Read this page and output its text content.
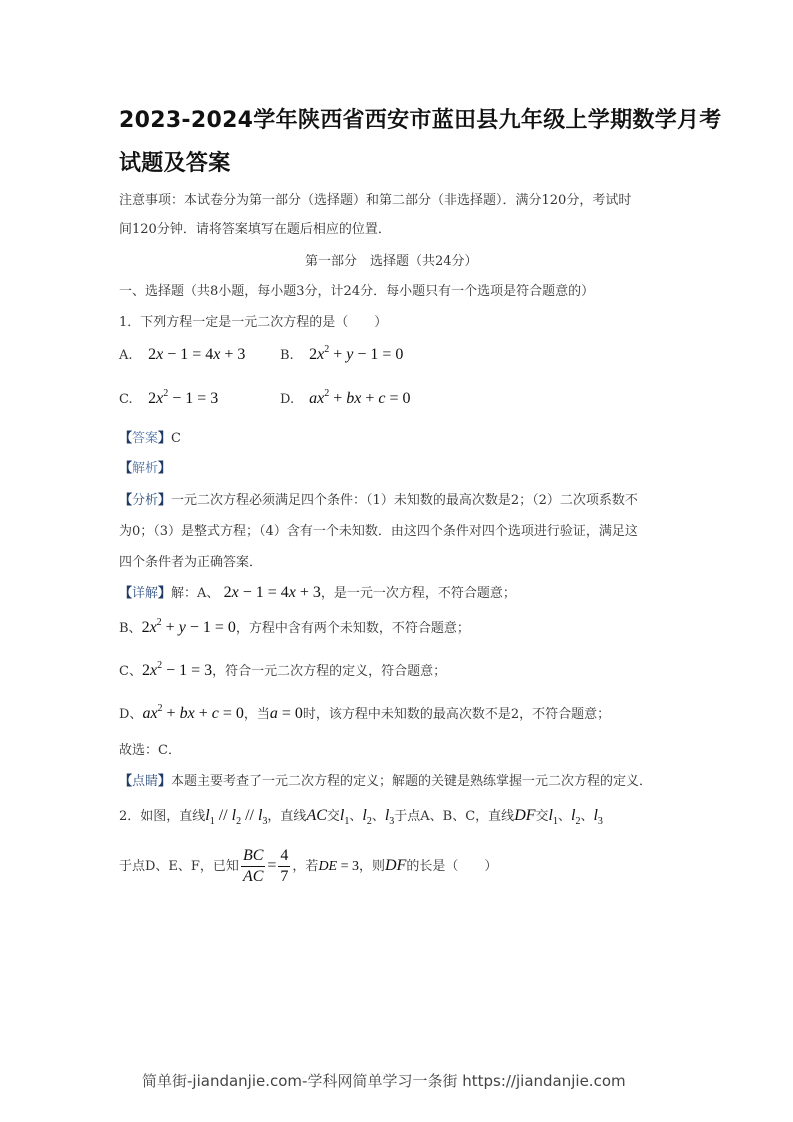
2023-2024学年陕西省西安市蓝田县九年级上学期数学月考
试题及答案
注意事项：本试卷分为第一部分（选择题）和第二部分（非选择题）．满分120分，考试时
间120分钟．请将答案填写在题后相应的位置．
第一部分　选择题（共24分）
一、选择题（共8小题，每小题3分，计24分．每小题只有一个选项是符合题意的）
1．下列方程一定是一元二次方程的是（　　）
A. 2x − 1 = 4x + 3	B. $2x^2 + y - 1 = 0$
C. $2x^2 - 1 = 3$	D. $ax^2$ + bx + c = 0
【答案】C
【解析】
【分析】一元二次方程必须满足四个条件：（1）未知数的最高次数是2；（2）二次项系数不
为0；（3）是整式方程；（4）含有一个未知数．由这四个条件对四个选项进行验证，满足这
四个条件者为正确答案．
【详解】解：A、 2x − 1 = 4x + 3，是一元一次方程，不符合题意；
B、$2x^2 + y - 1 = 0$，方程中含有两个未知数，不符合题意；
C、$2x^2 - 1 = 3$，符合一元二次方程的定义，符合题意；
D、$ax^2$ + bx + c = 0，当a = 0时，该方程中未知数的最高次数不是2，不符合题意；
故选：C．
【点睛】本题主要考查了一元二次方程的定义；解题的关键是熟练掌握一元二次方程的定义．
2．如图，直线$l_1 // l_2 // l_3$，直线AC交$l_1$、$l_2$、$l_3$于点A、B、C，直线DF交$l_1$、$l_2$、$l_3$
于点D、E、F，已知 $\frac{BC}{AC} = \frac{4}{7}$ ，若DE = 3，则DF的长是（　　）
简单街-jiandanjie.com-学科网简单学习一条街 https://jiandanjie.com
